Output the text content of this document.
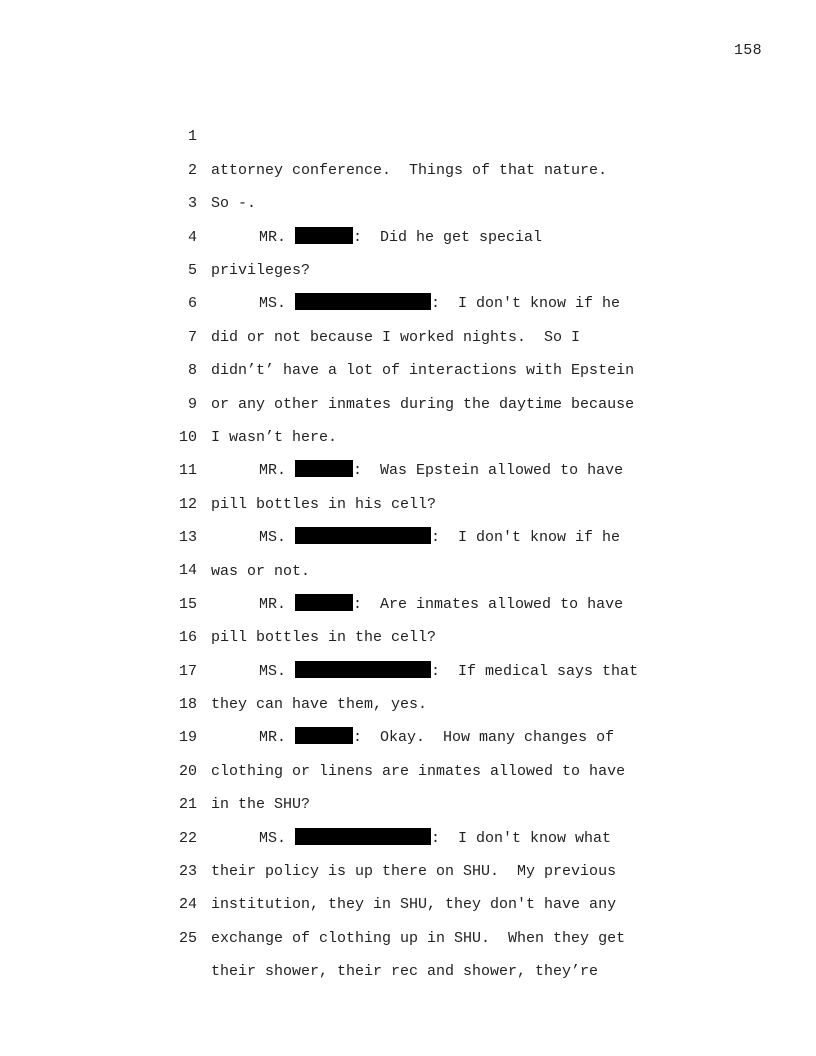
158

1

attorney conference.  Things of that nature.

2

So -.

3

MR.	:  Did he get special

4

privileges?

5

MS.	:  I don't know if he

6

did or not because I worked nights.  So I

7

didn’t’ have a lot of interactions with Epstein

8

or any other inmates during the daytime because

9

I wasn’t here.

10

MR.	:  Was Epstein allowed to have

11

pill bottles in his cell?

12

MS.	:  I don't know if he

13

was or not.

14

MR.	:  Are inmates allowed to have

15

pill bottles in the cell?

16

MS.	:  If medical says that

17

they can have them, yes.

18

MR.	:  Okay.  How many changes of

19

clothing or linens are inmates allowed to have

20

in the SHU?

21

MS.	:  I don't know what

22

their policy is up there on SHU.  My previous

23

institution, they in SHU, they don't have any

24

exchange of clothing up in SHU.  When they get

25

their shower, their rec and shower, they’re
